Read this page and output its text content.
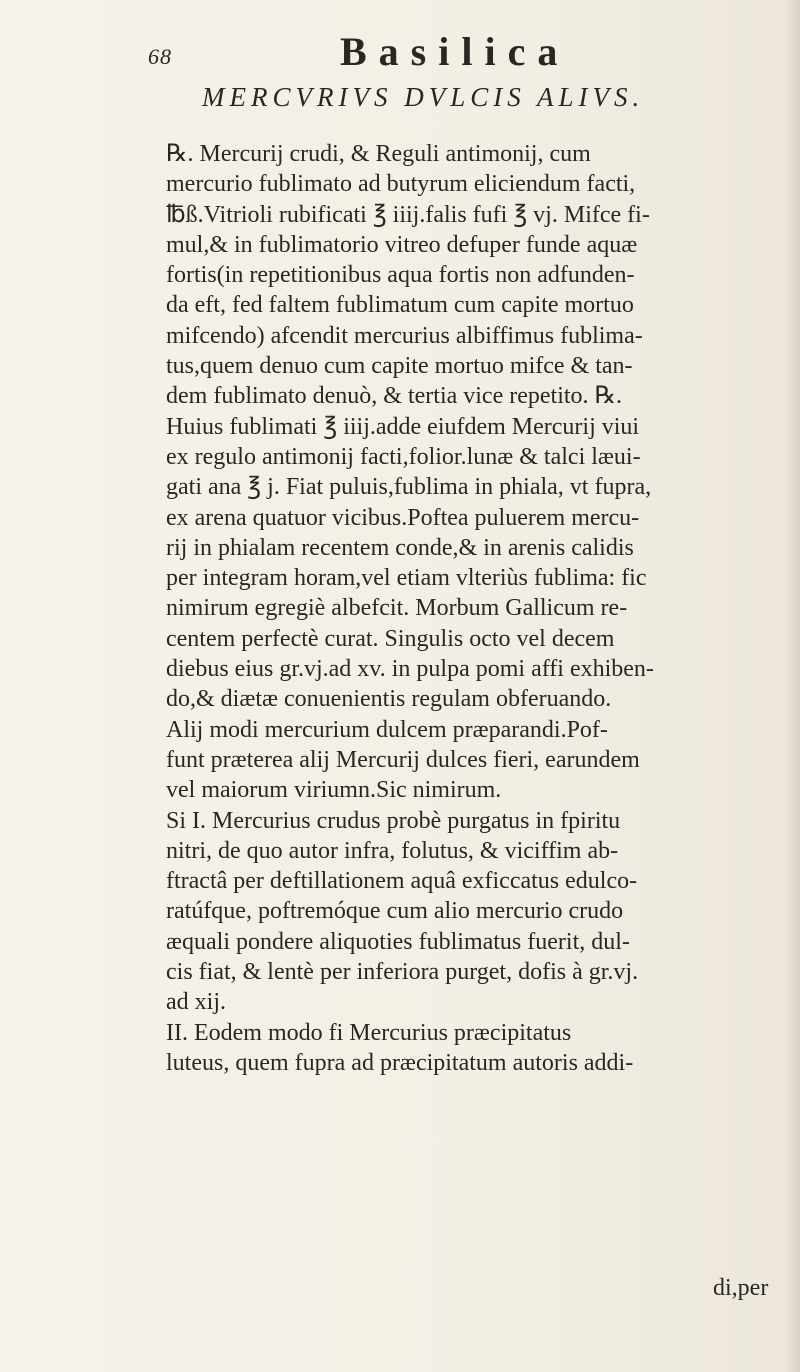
68	Basilica
MERCVRIVS DVLCIS ALIVS.

℞. Mercurij crudi, & Reguli antimonij, cum
mercurio fublimato ad butyrum eliciendum facti,
℔ß.Vitrioli rubificati ℥ iiij.falis fufi ℥ vj. Mifce fi-
mul,& in fublimatorio vitreo defuper funde aquæ
fortis(in repetitionibus aqua fortis non adfunden-
da eft, fed faltem fublimatum cum capite mortuo
mifcendo) afcendit mercurius albiffimus fublima-
tus,quem denuo cum capite mortuo mifce & tan-
dem fublimato denuò, & tertia vice repetito. ℞.
Huius fublimati ℥ iiij.adde eiufdem Mercurij viui
ex regulo antimonij facti,folior.lunæ & talci læui-
gati ana ℥ j. Fiat puluis,fublima in phiala, vt fupra,
ex arena quatuor vicibus.Poftea puluerem mercu-
rij in phialam recentem conde,& in arenis calidis
per integram horam,vel etiam vlteriùs fublima: fic
nimirum egregiè albefcit. Morbum Gallicum re-
centem perfectè curat. Singulis octo vel decem
diebus eius gr.vj.ad xv. in pulpa pomi affi exhiben-
do,& diætæ conuenientis regulam obferuando.

Alij modi mercurium dulcem præparandi.Pof-
funt præterea alij Mercurij dulces fieri, earundem
vel maiorum viriumn.Sic nimirum.

Si I. Mercurius crudus probè purgatus in fpiritu
nitri, de quo autor infra, folutus, & viciffim ab-
ftractâ per deftillationem aquâ exficcatus edulco-
ratúfque, poftremóque cum alio mercurio crudo
æquali pondere aliquoties fublimatus fuerit, dul-
cis fiat, & lentè per inferiora purget, dofis à gr.vj.
ad xij.

II. Eodem modo fi Mercurius præcipitatus
luteus, quem fupra ad præcipitatum autoris addi-

di,per
